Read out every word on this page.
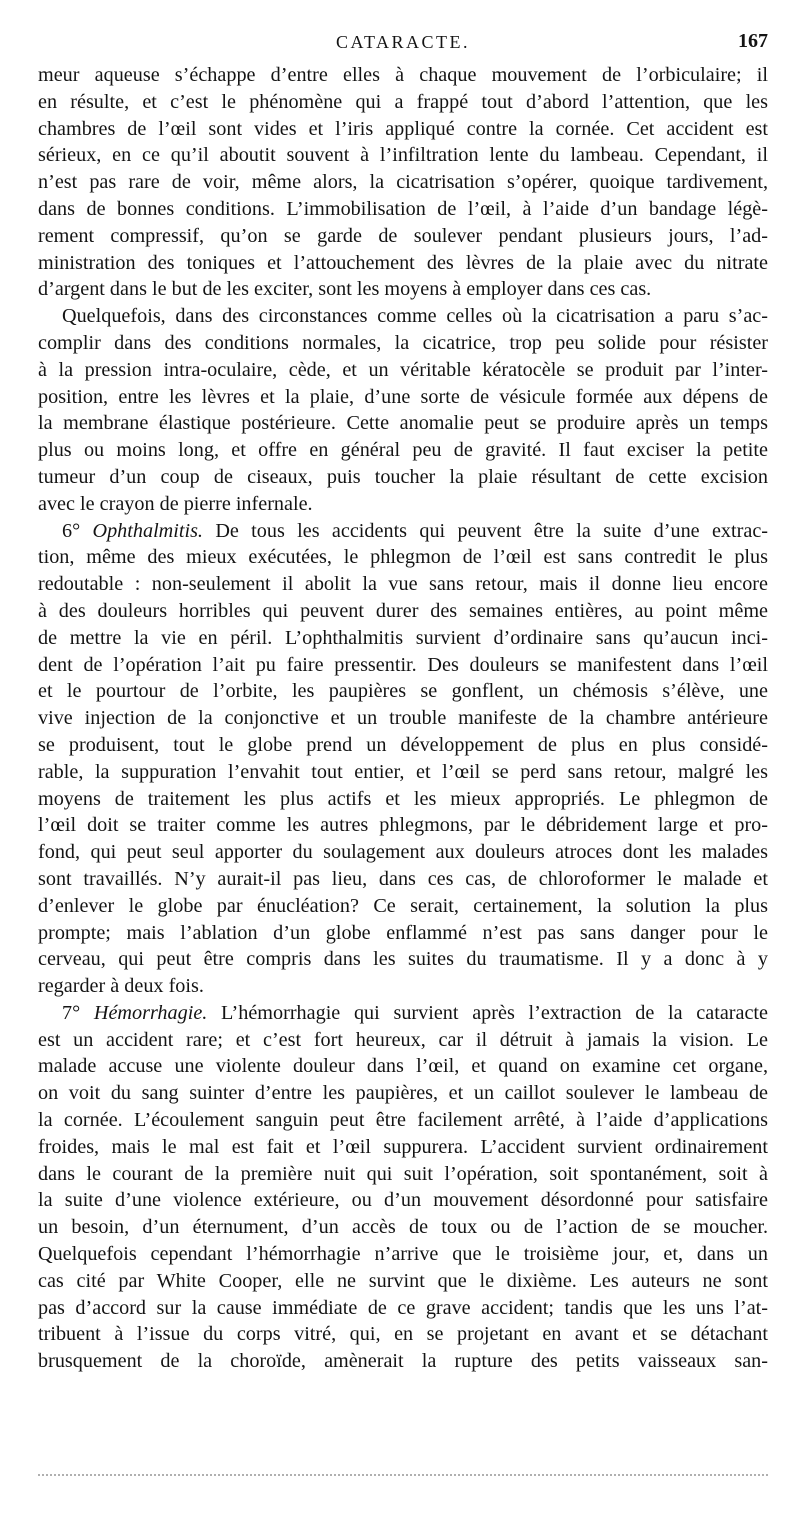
CATARACTE.	167
meur aqueuse s’échappe d’entre elles à chaque mouvement de l’orbiculaire; il
en résulte, et c’est le phénomène qui a frappé tout d’abord l’attention, que les
chambres de l’œil sont vides et l’iris appliqué contre la cornée. Cet accident est
sérieux, en ce qu’il aboutit souvent à l’infiltration lente du lambeau. Cependant, il
n’est pas rare de voir, même alors, la cicatrisation s’opérer, quoique tardivement,
dans de bonnes conditions. L’immobilisation de l’œil, à l’aide d’un bandage légè-
rement compressif, qu’on se garde de soulever pendant plusieurs jours, l’ad-
ministration des toniques et l’attouchement des lèvres de la plaie avec du nitrate
d’argent dans le but de les exciter, sont les moyens à employer dans ces cas.
Quelquefois, dans des circonstances comme celles où la cicatrisation a paru s’ac-
complir dans des conditions normales, la cicatrice, trop peu solide pour résister
à la pression intra-oculaire, cède, et un véritable kératocèle se produit par l’inter-
position, entre les lèvres et la plaie, d’une sorte de vésicule formée aux dépens de
la membrane élastique postérieure. Cette anomalie peut se produire après un temps
plus ou moins long, et offre en général peu de gravité. Il faut exciser la petite
tumeur d’un coup de ciseaux, puis toucher la plaie résultant de cette excision
avec le crayon de pierre infernale.
6° Ophthalmitis. De tous les accidents qui peuvent être la suite d’une extrac-
tion, même des mieux exécutées, le phlegmon de l’œil est sans contredit le plus
redoutable : non-seulement il abolit la vue sans retour, mais il donne lieu encore
à des douleurs horribles qui peuvent durer des semaines entières, au point même
de mettre la vie en péril. L’ophthalmitis survient d’ordinaire sans qu’aucun inci-
dent de l’opération l’ait pu faire pressentir. Des douleurs se manifestent dans l’œil
et le pourtour de l’orbite, les paupières se gonflent, un chémosis s’élève, une
vive injection de la conjonctive et un trouble manifeste de la chambre antérieure
se produisent, tout le globe prend un développement de plus en plus considé-
rable, la suppuration l’envahit tout entier, et l’œil se perd sans retour, malgré les
moyens de traitement les plus actifs et les mieux appropriés. Le phlegmon de
l’œil doit se traiter comme les autres phlegmons, par le débridement large et pro-
fond, qui peut seul apporter du soulagement aux douleurs atroces dont les malades
sont travaillés. N’y aurait-il pas lieu, dans ces cas, de chloroformer le malade et
d’enlever le globe par énucléation? Ce serait, certainement, la solution la plus
prompte; mais l’ablation d’un globe enflammé n’est pas sans danger pour le
cerveau, qui peut être compris dans les suites du traumatisme. Il y a donc à y
regarder à deux fois.
7° Hémorrhagie. L’hémorrhagie qui survient après l’extraction de la cataracte
est un accident rare; et c’est fort heureux, car il détruit à jamais la vision. Le
malade accuse une violente douleur dans l’œil, et quand on examine cet organe,
on voit du sang suinter d’entre les paupières, et un caillot soulever le lambeau de
la cornée. L’écoulement sanguin peut être facilement arrêté, à l’aide d’applications
froides, mais le mal est fait et l’œil suppurera. L’accident survient ordinairement
dans le courant de la première nuit qui suit l’opération, soit spontanément, soit à
la suite d’une violence extérieure, ou d’un mouvement désordonné pour satisfaire
un besoin, d’un éternument, d’un accès de toux ou de l’action de se moucher.
Quelquefois cependant l’hémorrhagie n’arrive que le troisième jour, et, dans un
cas cité par White Cooper, elle ne survint que le dixième. Les auteurs ne sont
pas d’accord sur la cause immédiate de ce grave accident; tandis que les uns l’at-
tribuent à l’issue du corps vitré, qui, en se projetant en avant et se détachant
brusquement de la choroïde, amènerait la rupture des petits vaisseaux san-
